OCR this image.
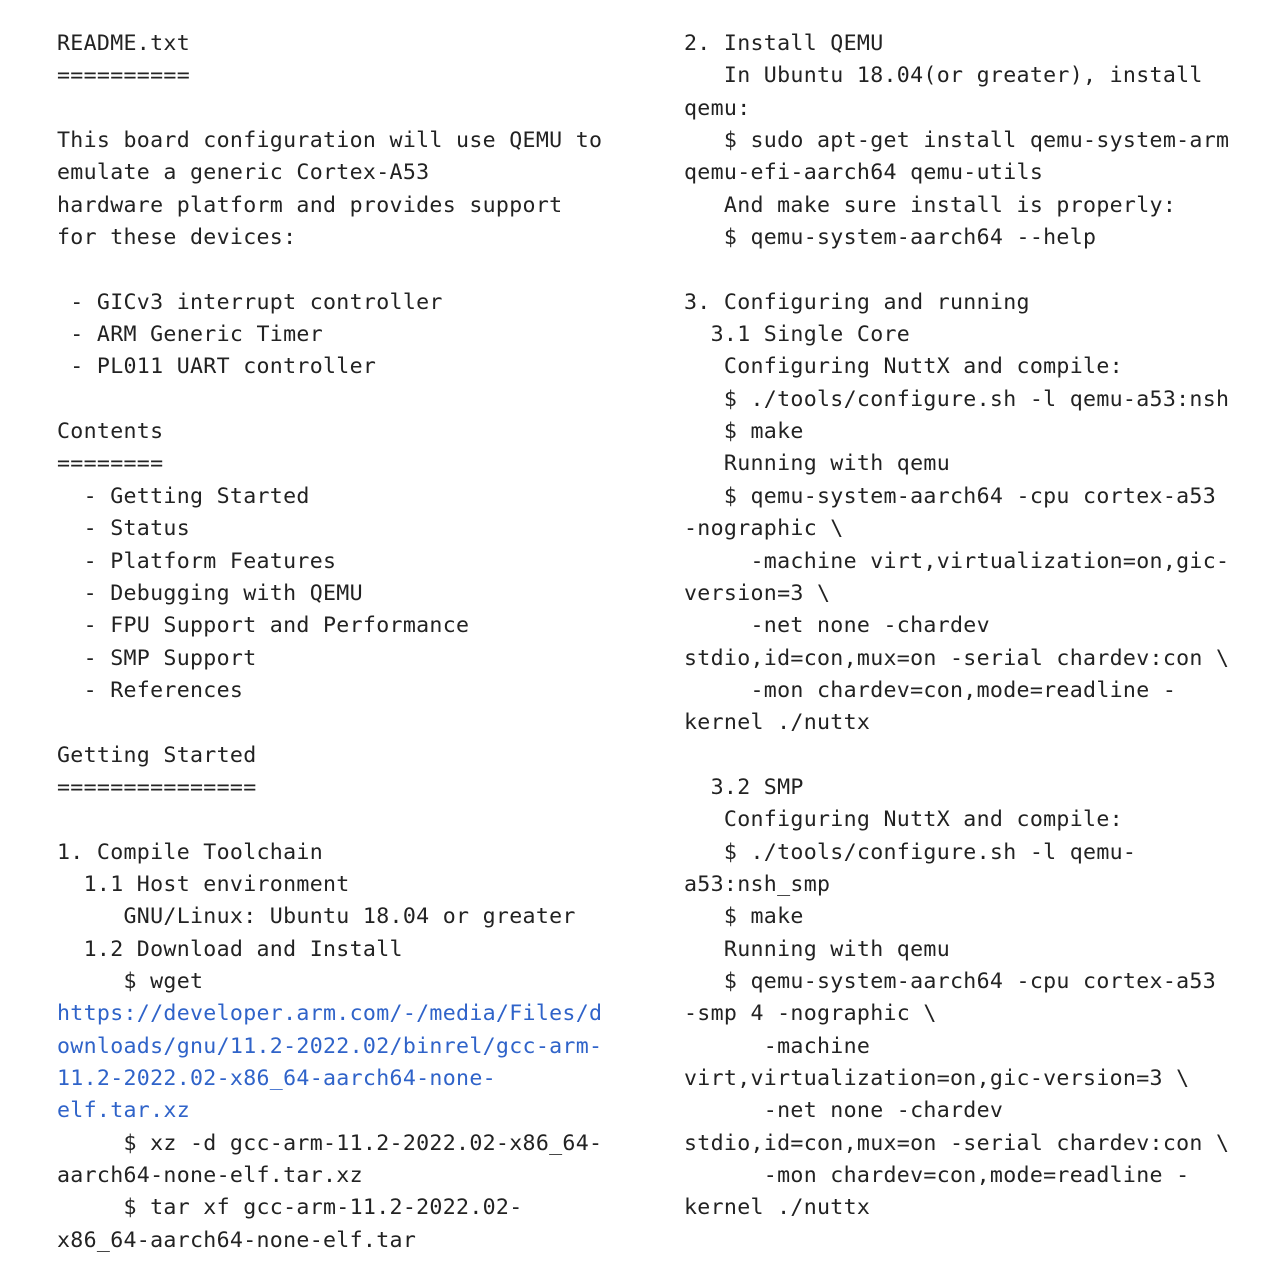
README.txt
==========
This board configuration will use QEMU to
emulate a generic Cortex-A53
hardware platform and provides support
for these devices:
- GICv3 interrupt controller
- ARM Generic Timer
- PL011 UART controller
Contents
========
- Getting Started
- Status
- Platform Features
- Debugging with QEMU
- FPU Support and Performance
- SMP Support
- References
Getting Started
===============
1. Compile Toolchain
1.1 Host environment
GNU/Linux: Ubuntu 18.04 or greater
1.2 Download and Install
$ wget
https://developer.arm.com/-/media/Files/d
ownloads/gnu/11.2-2022.02/binrel/gcc-arm-
11.2-2022.02-x86_64-aarch64-none-
elf.tar.xz
$ xz -d gcc-arm-11.2-2022.02-x86_64-
aarch64-none-elf.tar.xz
$ tar xf gcc-arm-11.2-2022.02-
x86_64-aarch64-none-elf.tar
2. Install QEMU
In Ubuntu 18.04(or greater), install
qemu:
$ sudo apt-get install qemu-system-arm
qemu-efi-aarch64 qemu-utils
And make sure install is properly:
$ qemu-system-aarch64 --help
3. Configuring and running
3.1 Single Core
Configuring NuttX and compile:
$ ./tools/configure.sh -l qemu-a53:nsh
$ make
Running with qemu
$ qemu-system-aarch64 -cpu cortex-a53
-nographic \
-machine virt,virtualization=on,gic-
version=3 \
-net none -chardev
stdio,id=con,mux=on -serial chardev:con \
-mon chardev=con,mode=readline -
kernel ./nuttx
3.2 SMP
Configuring NuttX and compile:
$ ./tools/configure.sh -l qemu-
a53:nsh_smp
$ make
Running with qemu
$ qemu-system-aarch64 -cpu cortex-a53
-smp 4 -nographic \
-machine
virt,virtualization=on,gic-version=3 \
-net none -chardev
stdio,id=con,mux=on -serial chardev:con \
-mon chardev=con,mode=readline -
kernel ./nuttx
